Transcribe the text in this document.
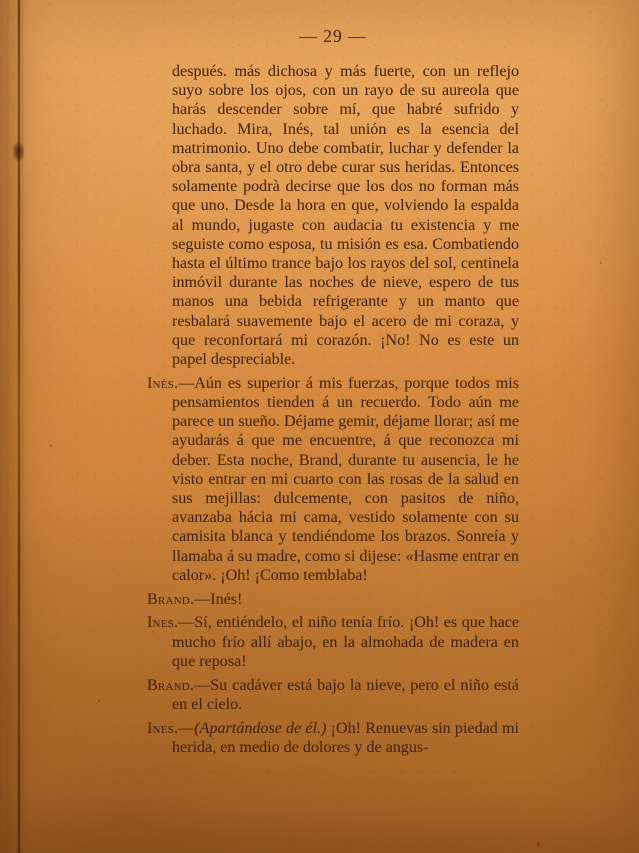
— 29 —

después. más dichosa y más fuerte, con un reflejo suyo sobre los ojos, con un rayo de su aureola que harás descender sobre mí, que habré sufrido y luchado. Mira, Inés, tal unión es la esencia del matrimonio. Uno debe combatir, luchar y defender la obra santa, y el otro debe curar sus heridas. Entonces solamente podrà decirse que los dos no forman más que uno. Desde la hora en que, volviendo la espalda al mundo, jugaste con audacia tu existencia y me seguiste como esposa, tu misión es esa. Combatiendo hasta el último trance bajo los rayos del sol, centinela inmóvil durante las noches de nieve, espero de tus manos una bebida refrigerante y un manto que resbalará suavemente bajo el acero de mi coraza, y que reconfortará mi corazón. ¡No! No es este un papel despreciable.

Inés.—Aún es superior á mis fuerzas, porque todos mis pensamientos tienden á un recuerdo. Todo aún me parece un sueño. Déjame gemir, déjame llorar; así me ayudarás á que me encuentre, á que reconozca mi deber. Esta noche, Brand, durante tu ausencia, le he visto entrar en mi cuarto con las rosas de la salud en sus mejillas: dulcemente, con pasitos de niño, avanzaba hácia mi cama, vestido solamente con su camisita blanca y tendiéndome los brazos. Sonreía y llamaba á su madre, como si dijese: «Hasme entrar en calor». ¡Oh! ¡Como temblaba!

Brand.—Inés!

Ines.—Sí, entiéndelo, el niño tenía frío. ¡Oh! es que hace mucho frío allí abajo, en la almohada de madera en que reposa!

Brand.—Su cadáver está bajo la nieve, pero el niño está en el cielo.

Ines.—(Apartándose de él.) ¡Oh! Renuevas sin piedad mi herida, en medio de dolores y de angus-
